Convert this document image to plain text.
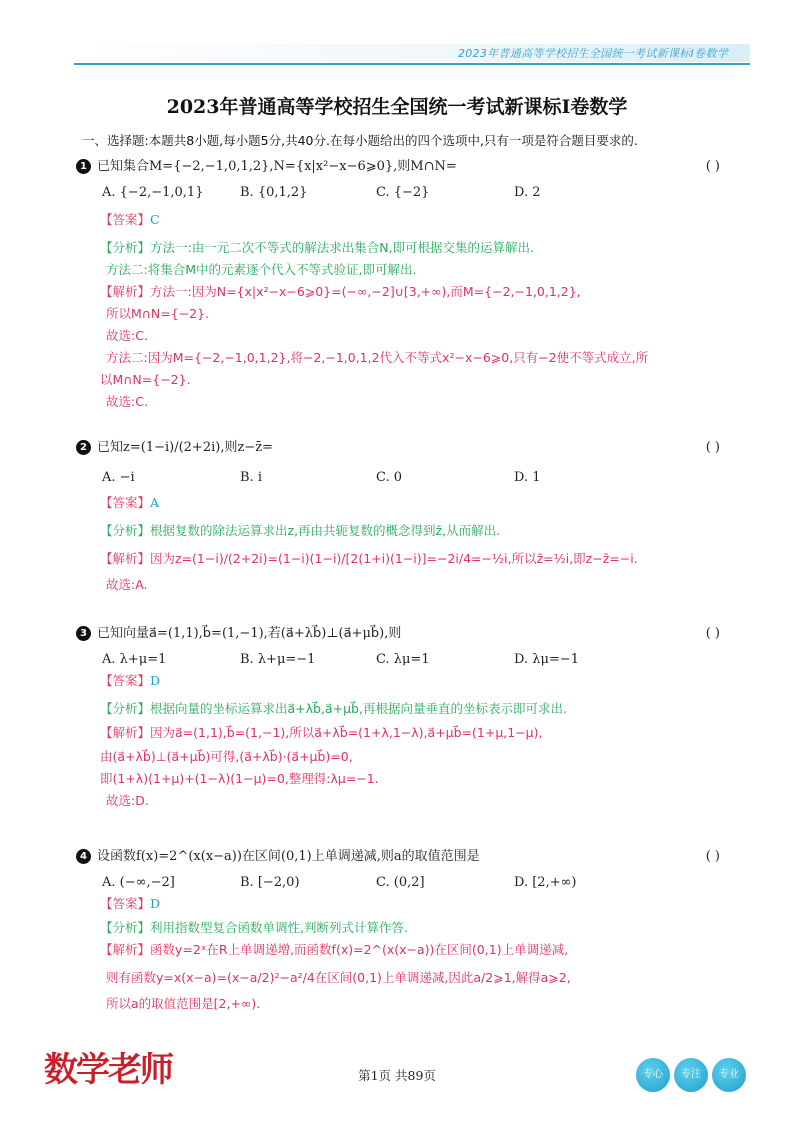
2023年普通高等学校招生全国统一考试新课标Ⅰ卷数学
2023年普通高等学校招生全国统一考试新课标Ⅰ卷数学
一、选择题:本题共8小题,每小题5分,共40分.在每小题给出的四个选项中,只有一项是符合题目要求的.
1 已知集合M={−2,−1,0,1,2},N={x|x²−x−6⩾0},则M∩N=	( )
A. {−2,−1,0,1}	B. {0,1,2}	C. {−2}	D. 2
【答案】C
【分析】方法一:由一元二次不等式的解法求出集合N,即可根据交集的运算解出.
方法二:将集合M中的元素逐个代入不等式验证,即可解出.
【解析】方法一:因为N={x|x²−x−6⩾0}=(−∞,−2]∪[3,+∞),而M={−2,−1,0,1,2},
所以M∩N={−2}.
故选:C.
方法二:因为M={−2,−1,0,1,2},将−2,−1,0,1,2代入不等式x²−x−6⩾0,只有−2使不等式成立,所
以M∩N={−2}.
故选:C.
2 已知z=(1−i)/(2+2i),则z−z̄=	( )
A. −i	B. i	C. 0	D. 1
【答案】A
【分析】根据复数的除法运算求出z,再由共轭复数的概念得到z̄,从而解出.
【解析】因为z=(1−i)/(2+2i)=(1−i)(1−i)/[2(1+i)(1−i)]=−2i/4=−½i,所以z̄=½i,即z−z̄=−i.
故选:A.
3 已知向量a⃗=(1,1),b⃗=(1,−1),若(a⃗+λb⃗)⊥(a⃗+μb⃗),则	( )
A. λ+μ=1	B. λ+μ=−1	C. λμ=1	D. λμ=−1
【答案】D
【分析】根据向量的坐标运算求出a⃗+λb⃗,a⃗+μb⃗,再根据向量垂直的坐标表示即可求出.
【解析】因为a⃗=(1,1),b⃗=(1,−1),所以a⃗+λb⃗=(1+λ,1−λ),a⃗+μb⃗=(1+μ,1−μ),
由(a⃗+λb⃗)⊥(a⃗+μb⃗)可得,(a⃗+λb⃗)·(a⃗+μb⃗)=0,
即(1+λ)(1+μ)+(1−λ)(1−μ)=0,整理得:λμ=−1.
故选:D.
4 设函数f(x)=2^(x(x−a))在区间(0,1)上单调递减,则a的取值范围是	( )
A. (−∞,−2]	B. [−2,0)	C. (0,2]	D. [2,+∞)
【答案】D
【分析】利用指数型复合函数单调性,判断列式计算作答.
【解析】函数y=2ˣ在R上单调递增,而函数f(x)=2^(x(x−a))在区间(0,1)上单调递减,
则有函数y=x(x−a)=(x−a/2)²−a²/4在区间(0,1)上单调递减,因此a/2⩾1,解得a⩾2,
所以a的取值范围是[2,+∞).
数学老师	第1页 共89页	专心 专注 专业
